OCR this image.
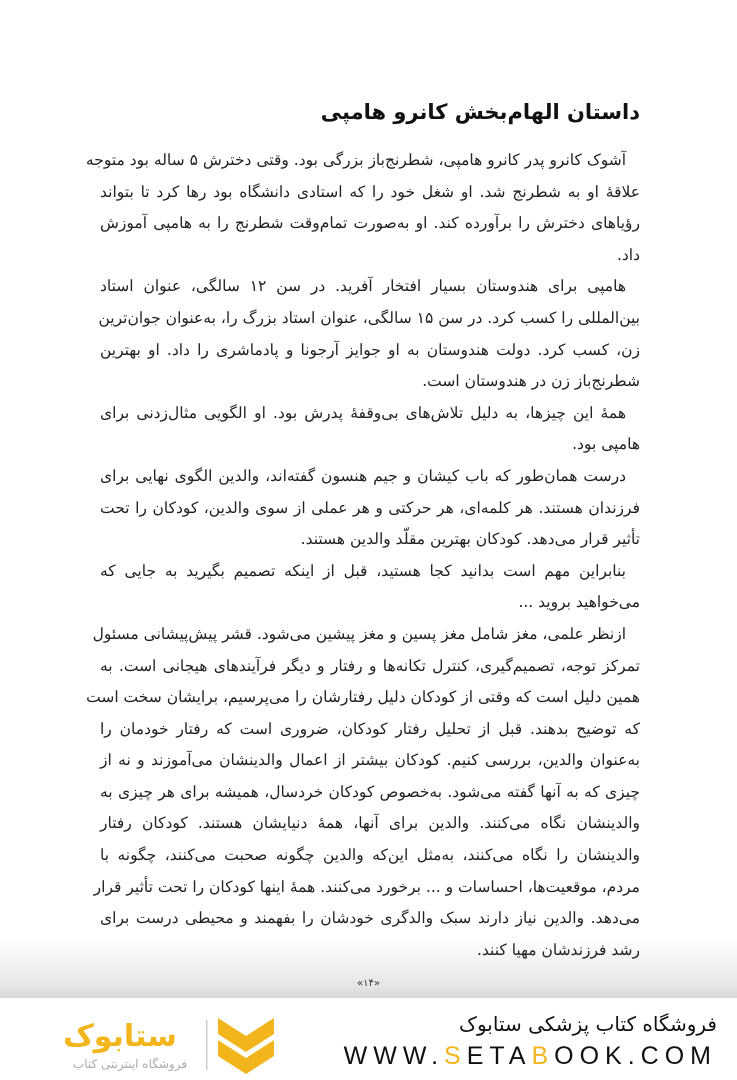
داستان الهام‌بخش کانرو هامپی
آشوک کانرو پدر کانرو هامپی، شطرنج‌باز بزرگی بود. وقتی دخترش ۵ ساله بود متوجه
علاقهٔ او به شطرنج شد. او شغل خود را که استادی دانشگاه بود رها کرد تا بتواند
رؤیاهای دخترش را برآورده کند. او به‌صورت تمام‌وقت شطرنج را به هامپی آموزش
داد.
هامپی برای هندوستان بسیار افتخار آفرید. در سن ۱۲ سالگی، عنوان استاد
بین‌المللی را کسب کرد. در سن ۱۵ سالگی، عنوان استاد بزرگ را، به‌عنوان جوان‌ترین
زن، کسب کرد. دولت هندوستان به او جوایز آرجونا و پادماشری را داد. او بهترین
شطرنج‌باز زن در هندوستان است.
همهٔ این چیزها، به دلیل تلاش‌های بی‌وقفهٔ پدرش بود. او الگویی مثال‌زدنی برای
هامپی بود.
درست همان‌طور که باب کیشان و جیم هنسون گفته‌اند، والدین الگوی نهایی برای
فرزندان هستند. هر کلمه‌ای، هر حرکتی و هر عملی از سوی والدین، کودکان را تحت
تأثیر قرار می‌دهد. کودکان بهترین مقلّد والدین هستند.
بنابراین مهم است بدانید کجا هستید، قبل از اینکه تصمیم بگیرید به جایی که
می‌خواهید بروید ...
ازنظر علمی، مغز شامل مغز پسین و مغز پیشین می‌شود. قشر پیش‌پیشانی مسئول
تمرکز توجه، تصمیم‌گیری، کنترل تکانه‌ها و رفتار و دیگر فرآیندهای هیجانی است. به
همین دلیل است که وقتی از کودکان دلیل رفتارشان را می‌پرسیم، برایشان سخت است
که توضیح بدهند. قبل از تحلیل رفتار کودکان، ضروری است که رفتار خودمان را
به‌عنوان والدین، بررسی کنیم. کودکان بیشتر از اعمال والدینشان می‌آموزند و نه از
چیزی که به آنها گفته می‌شود. به‌خصوص کودکان خردسال، همیشه برای هر چیزی به
والدینشان نگاه می‌کنند. والدین برای آنها، همهٔ دنیایشان هستند. کودکان رفتار
والدینشان را نگاه می‌کنند، به‌مثل این‌که والدین چگونه صحبت می‌کنند، چگونه با
مردم، موقعیت‌ها، احساسات و ... برخورد می‌کنند. همهٔ اینها کودکان را تحت تأثیر قرار
می‌دهد. والدین نیاز دارند سبک والدگری خودشان را بفهمند و محیطی درست برای
رشد فرزندشان مهیا کنند.
«۱۴»
فروشگاه کتاب پزشکی ستابوک
WWW.SETABOOK.COM
ستابوک
فروشگاه اینترنتی کتاب
